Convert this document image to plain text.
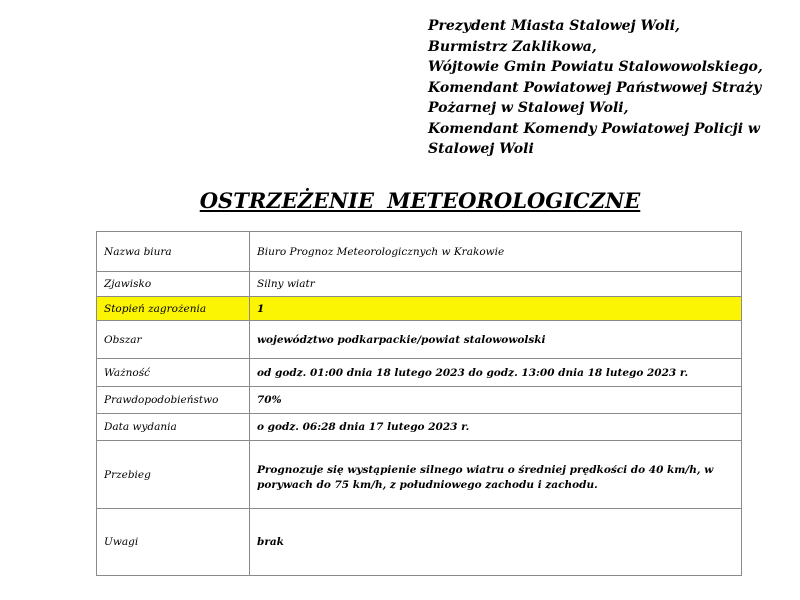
Prezydent Miasta Stalowej Woli,
Burmistrz Zaklikowa,
Wójtowie Gmin Powiatu Stalowowolskiego,
Komendant Powiatowej Państwowej Straży
Pożarnej w Stalowej Woli,
Komendant Komendy Powiatowej Policji w
Stalowej Woli
OSTRZEŻENIE METEOROLOGICZNE
Nazwa biura	Biuro Prognoz Meteorologicznych w Krakowie
Zjawisko	Silny wiatr
Stopień zagrożenia	1
Obszar	województwo podkarpackie/powiat stalowowolski
Ważność	od godz. 01:00 dnia 18 lutego 2023 do godz. 13:00 dnia 18 lutego 2023 r.
Prawdopodobieństwo	70%
Data wydania	o godz. 06:28 dnia 17 lutego 2023 r.
Przebieg	Prognozuje się wystąpienie silnego wiatru o średniej prędkości do 40 km/h, w porywach do 75 km/h, z południowego zachodu i zachodu.
Uwagi	brak
